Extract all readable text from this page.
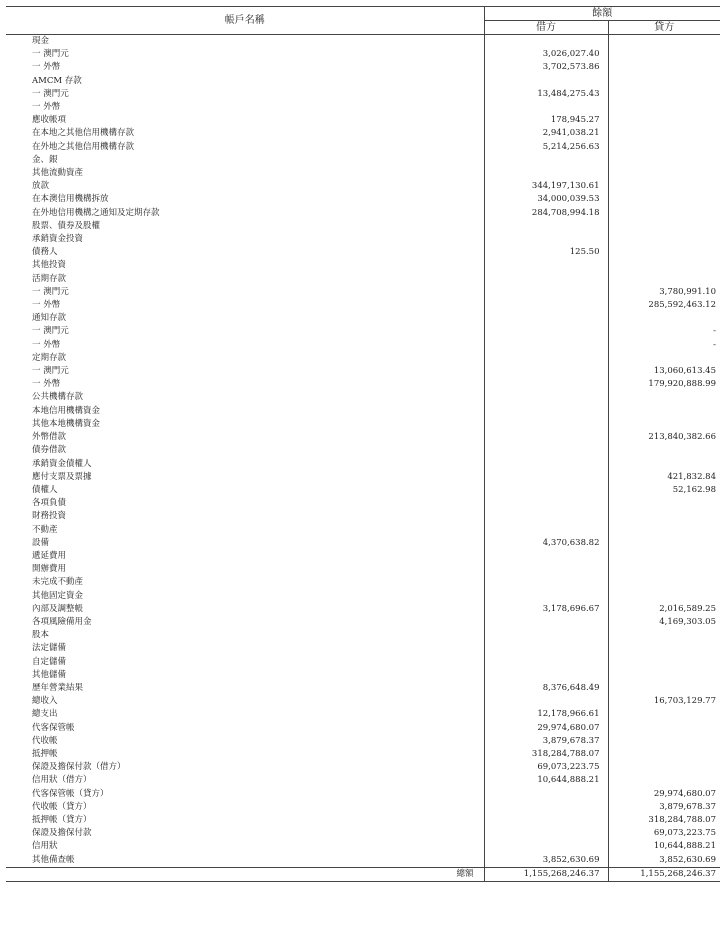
帳戶名稱	餘額	
	借方	貸方
現金		
一 澳門元	3,026,027.40	
一 外幣	3,702,573.86	
AMCM 存款		
一 澳門元	13,484,275.43	
一 外幣		
應收帳項	178,945.27	
在本地之其他信用機構存款	2,941,038.21	
在外地之其他信用機構存款	5,214,256.63	
金、銀		
其他流動資產		
放款	344,197,130.61	
在本澳信用機構拆放	34,000,039.53	
在外地信用機構之通知及定期存款	284,708,994.18	
股票、債券及股權		
承銷資金投資		
債務人	125.50	
其他投資		
活期存款		
一 澳門元		3,780,991.10
一 外幣		285,592,463.12
通知存款		
一 澳門元		-
一 外幣		-
定期存款		
一 澳門元		13,060,613.45
一 外幣		179,920,888.99
公共機構存款		
本地信用機構資金		
其他本地機構資金		
外幣借款		213,840,382.66
債券借款		
承銷資金債權人		
應付支票及票據		421,832.84
債權人		52,162.98
各項負債		
財務投資		
不動產		
設備	4,370,638.82	
遞延費用		
開辦費用		
未完成不動產		
其他固定資金		
內部及調整帳	3,178,696.67	2,016,589.25
各項風險備用金		4,169,303.05
股本		
法定儲備		
自定儲備		
其他儲備		
歷年營業結果	8,376,648.49	
總收入		16,703,129.77
總支出	12,178,966.61	
代客保管帳	29,974,680.07	
代收帳	3,879,678.37	
抵押帳	318,284,788.07	
保證及擔保付款（借方）	69,073,223.75	
信用狀（借方）	10,644,888.21	
代客保管帳（貸方）		29,974,680.07
代收帳（貸方）		3,879,678.37
抵押帳（貸方）		318,284,788.07
保證及擔保付款		69,073,223.75
信用狀		10,644,888.21
其他備查帳	3,852,630.69	3,852,630.69
總額	1,155,268,246.37	1,155,268,246.37
